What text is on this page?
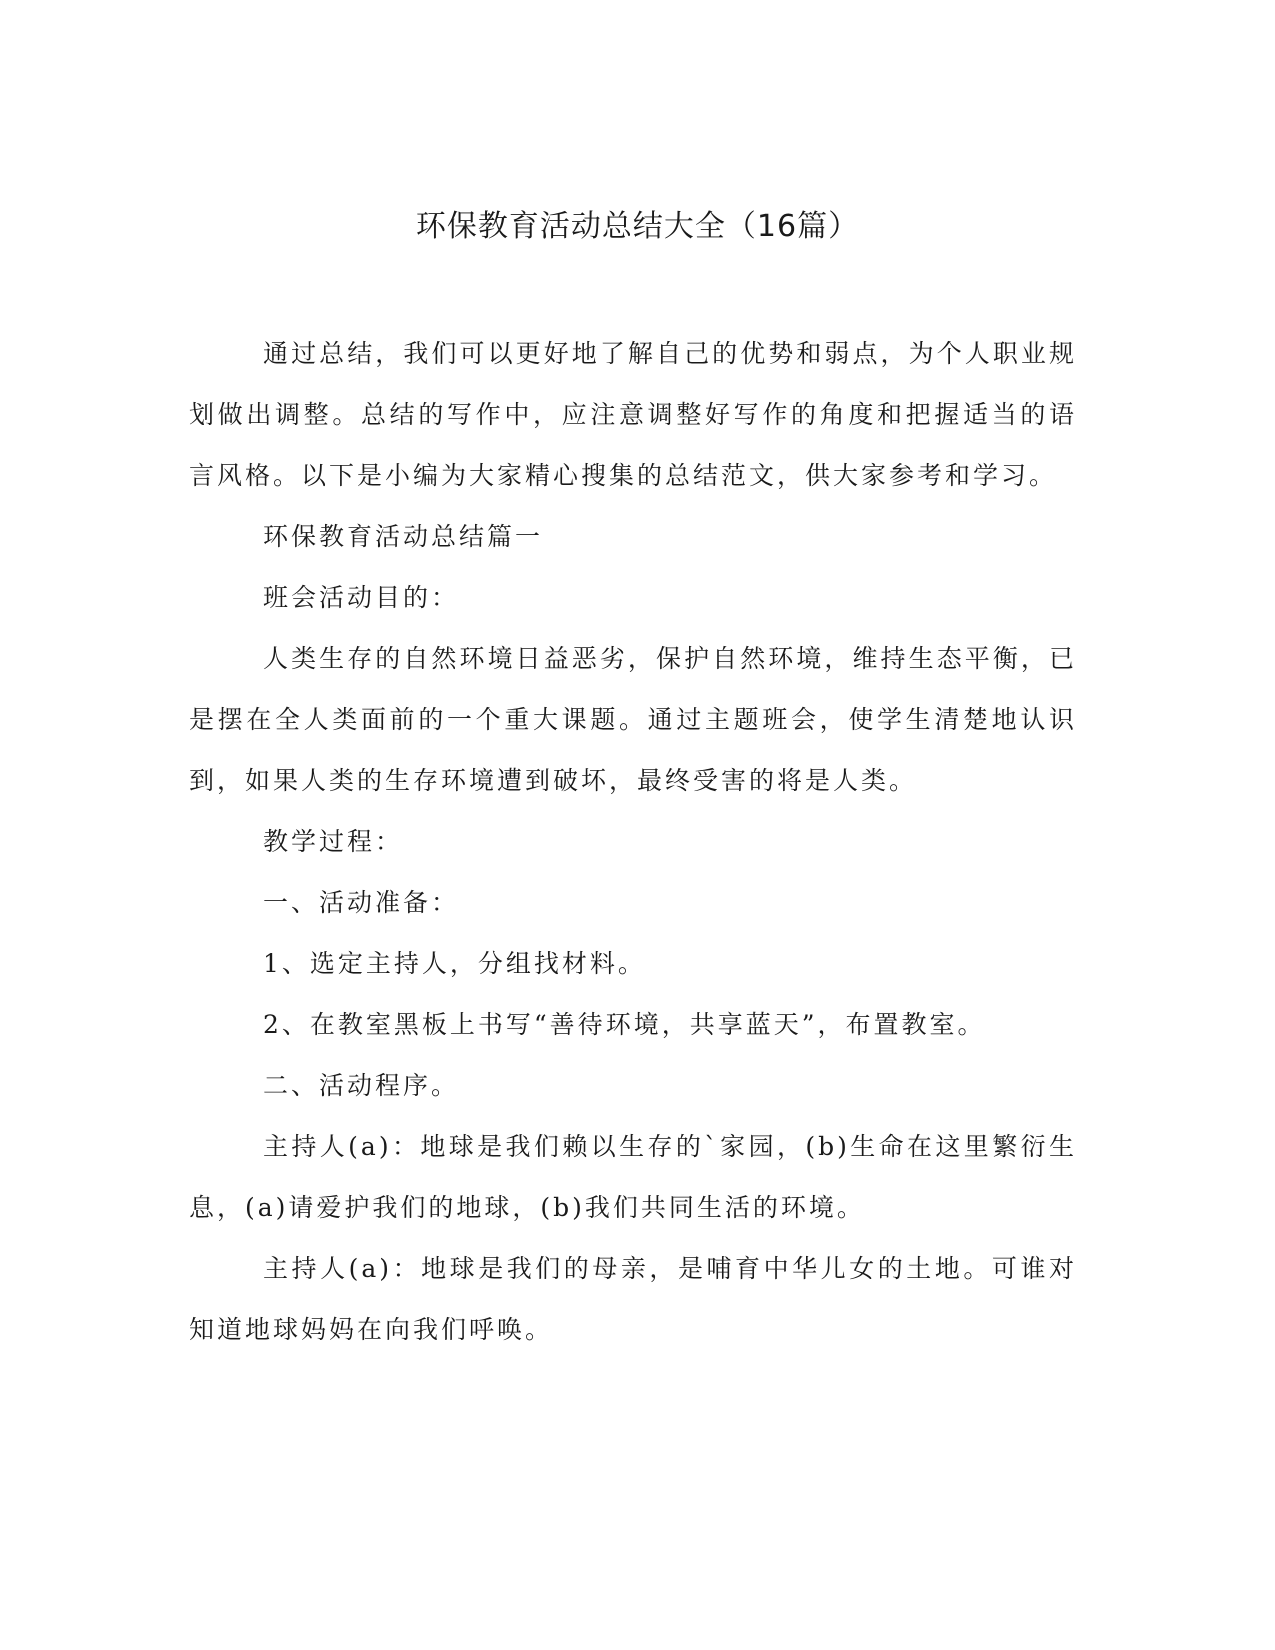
环保教育活动总结大全（16篇）

通过总结，我们可以更好地了解自己的优势和弱点，为个人职业规划做出调整。总结的写作中，应注意调整好写作的角度和把握适当的语言风格。以下是小编为大家精心搜集的总结范文，供大家参考和学习。

环保教育活动总结篇一

班会活动目的：

人类生存的自然环境日益恶劣，保护自然环境，维持生态平衡，已是摆在全人类面前的一个重大课题。通过主题班会，使学生清楚地认识到，如果人类的生存环境遭到破坏，最终受害的将是人类。

教学过程：

一、活动准备：

1、选定主持人，分组找材料。

2、在教室黑板上书写“善待环境，共享蓝天”，布置教室。

二、活动程序。

主持人(a)：地球是我们赖以生存的`家园，(b)生命在这里繁衍生息，(a)请爱护我们的地球，(b)我们共同生活的环境。

主持人(a)：地球是我们的母亲，是哺育中华儿女的土地。可谁对知道地球妈妈在向我们呼唤。
